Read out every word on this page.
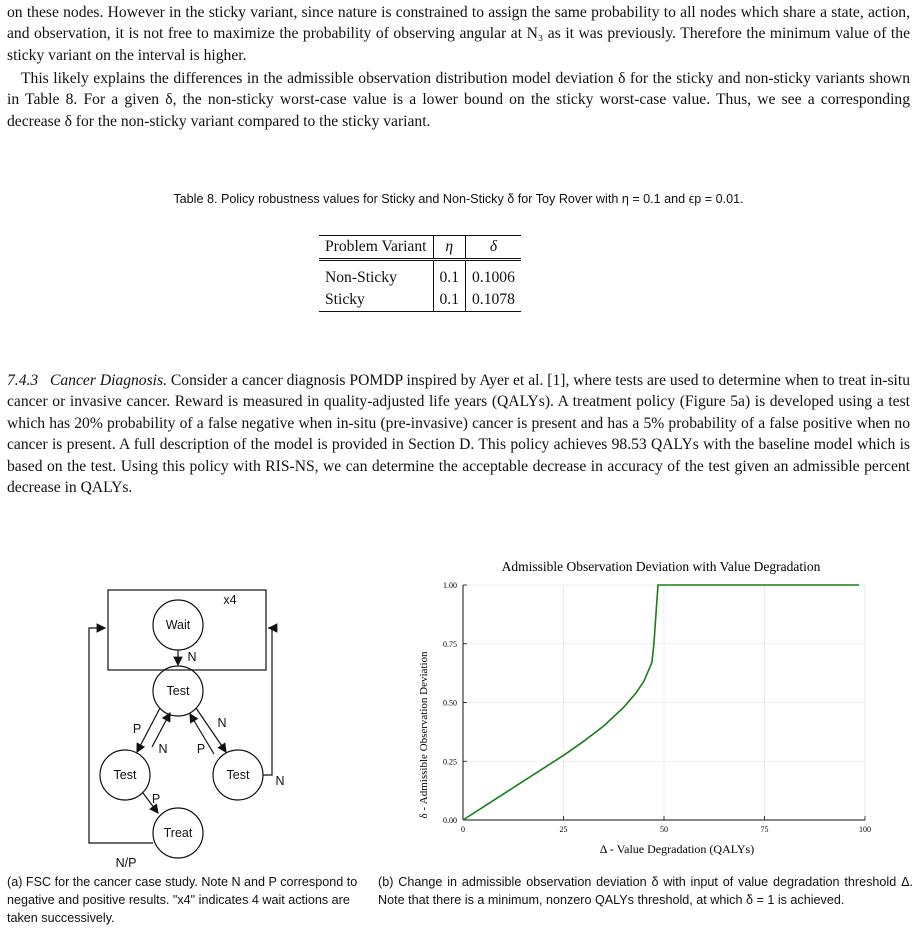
on these nodes. However in the sticky variant, since nature is constrained to assign the same probability to all nodes which share a state, action, and observation, it is not free to maximize the probability of observing angular at N₃ as it was previously. Therefore the minimum value of the sticky variant on the interval is higher.

This likely explains the differences in the admissible observation distribution model deviation δ for the sticky and non-sticky variants shown in Table 8. For a given δ, the non-sticky worst-case value is a lower bound on the sticky worst-case value. Thus, we see a corresponding decrease δ for the non-sticky variant compared to the sticky variant.

Table 8. Policy robustness values for Sticky and Non-Sticky δ for Toy Rover with η = 0.1 and ϵp = 0.01.
Problem Variant	η	δ
Non-Sticky	0.1	0.1006
Sticky	0.1	0.1078

7.4.3 Cancer Diagnosis. Consider a cancer diagnosis POMDP inspired by Ayer et al. [1], where tests are used to determine when to treat in-situ cancer or invasive cancer. Reward is measured in quality-adjusted life years (QALYs). A treatment policy (Figure 5a) is developed using a test which has 20% probability of a false negative when in-situ (pre-invasive) cancer is present and has a 5% probability of a false positive when no cancer is present. A full description of the model is provided in Section D. This policy achieves 98.53 QALYs with the baseline model which is based on the test. Using this policy with RIS-NS, we can determine the acceptable decrease in accuracy of the test given an admissible percent decrease in QALYs.

Wait
Test
Test	Test
Treat
x4
N
P
N P
N
P
N
N/P
Admissible Observation Deviation with Value Degradation
0	25	50	75	100
0.00
0.25
0.50
0.75
1.00
Δ - Value Degradation (QALYs)
δ - Admissible Observation Deviation
(a) FSC for the cancer case study. Note N and P correspond to negative and positive results. "x4" indicates 4 wait actions are taken successively.
(b) Change in admissible observation deviation δ with input of value degradation threshold Δ. Note that there is a minimum, nonzero QALYs threshold, at which δ = 1 is achieved.
